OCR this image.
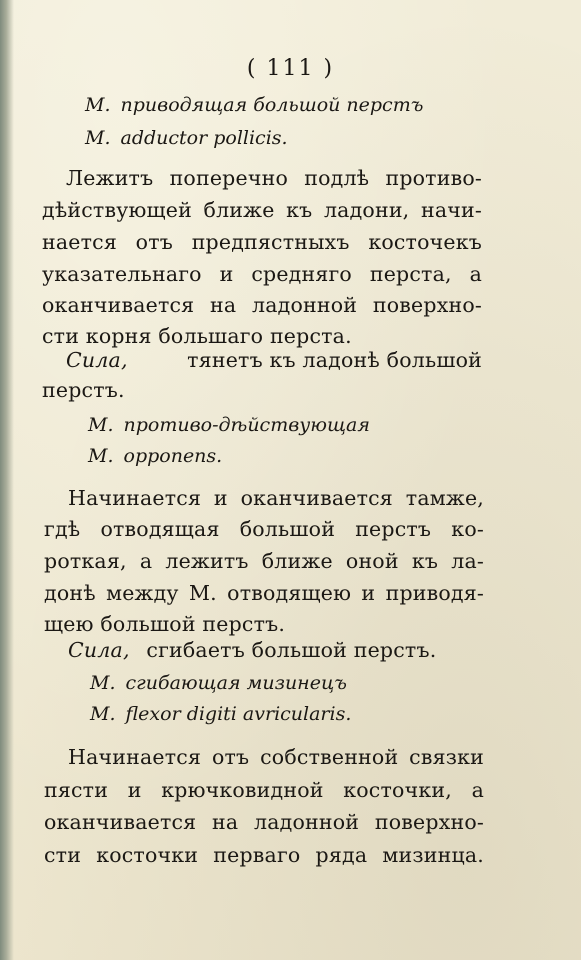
( 111 )
M. приводящая большой перстъ
M. adductor pollicis.
Лежитъ поперечно подлѣ противо-
дѣйствующей ближе къ ладони, начи-
нается отъ предпястныхъ косточекъ
указательнаго и средняго перста, а
оканчивается на ладонной поверхно-
сти корня большаго перста.
Сила,	тянетъ къ ладонѣ большой
перстъ.
M. противо-дѣйствующая
M. opponens.
Начинается и оканчивается тамже,
гдѣ отводящая большой перстъ ко-
роткая, а лежитъ ближе оной къ ла-
донѣ между М. отводящею и приводя-
щею большой перстъ.
Сила, сгибаетъ большой перстъ.
M. сгибающая мизинецъ
M. flexor digiti avricularis.
Начинается отъ собственной связки
пясти и крючковидной косточки, а
оканчивается на ладонной поверхно-
сти косточки перваго ряда мизинца.
